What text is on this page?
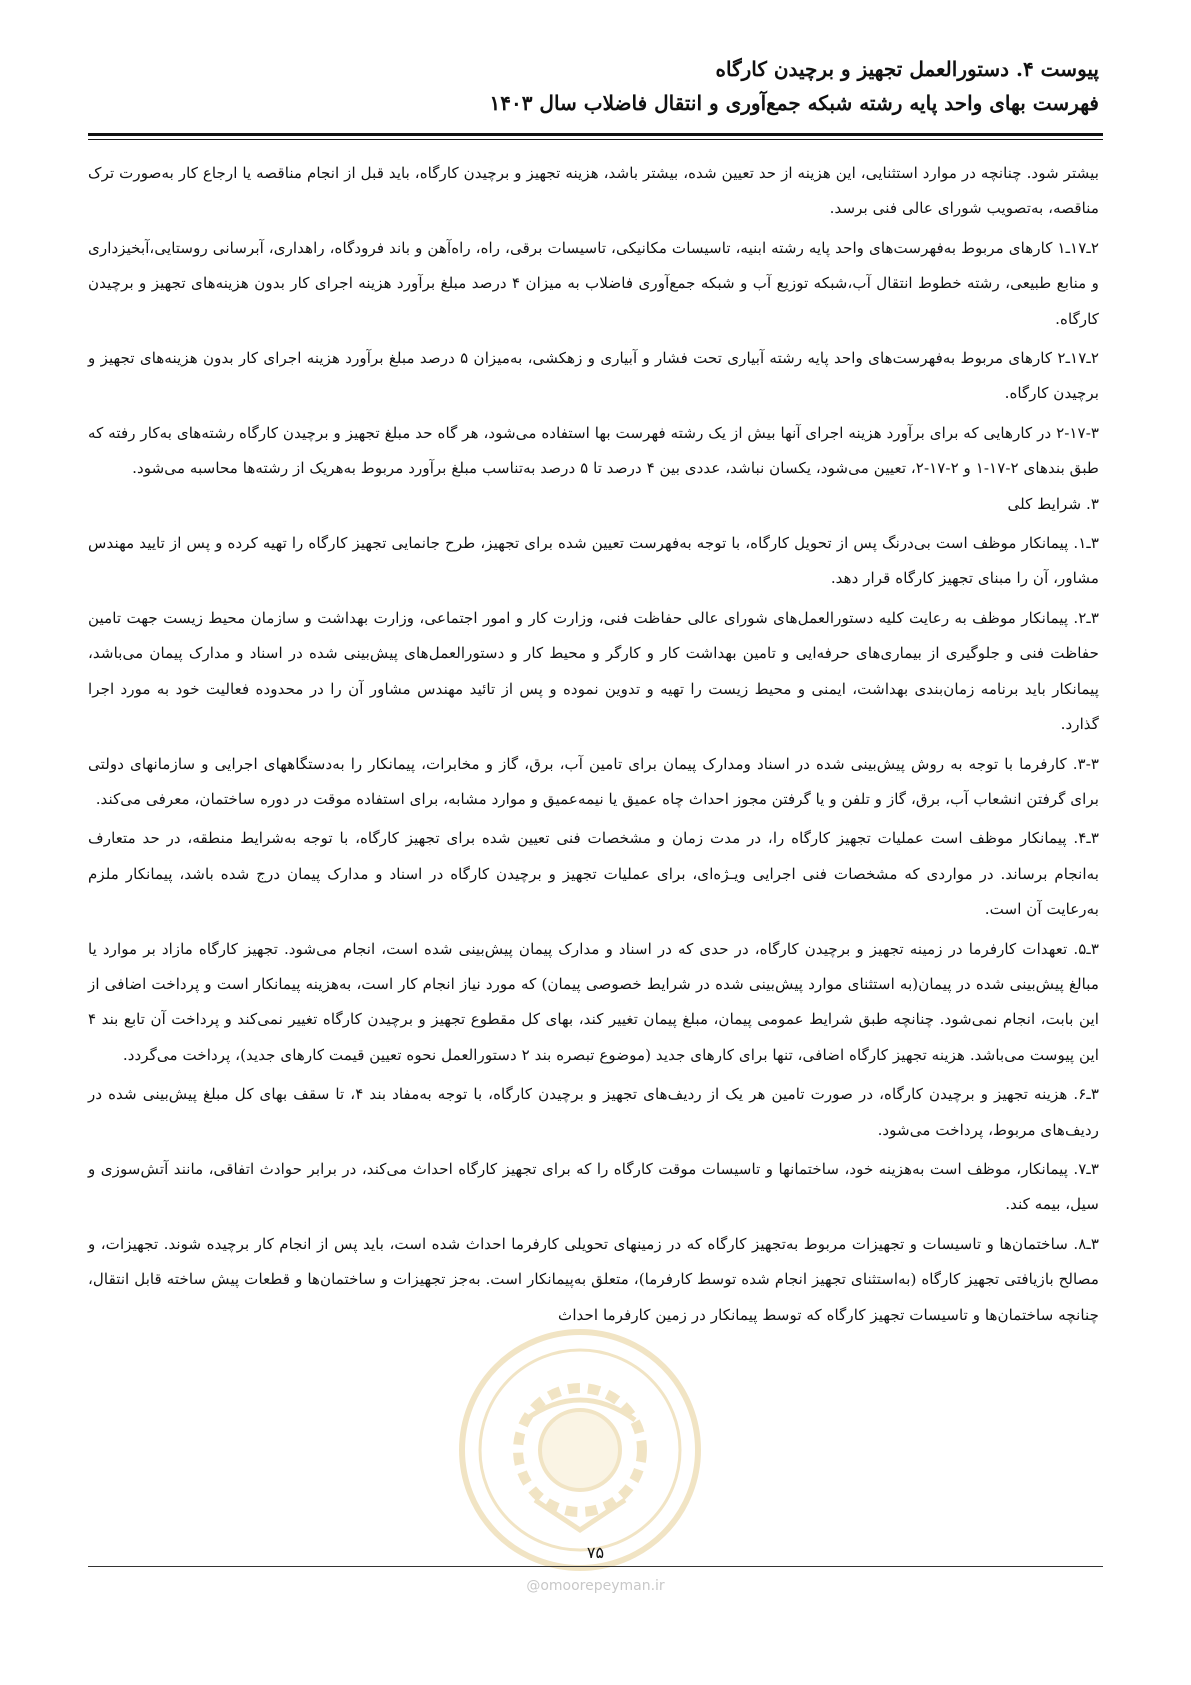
پیوست ۴. دستورالعمل تجهیز و برچیدن کارگاه

فهرست بهای واحد پایه رشته شبکه جمع‌آوری و انتقال فاضلاب سال ۱۴۰۳

بیشتر شود. چنانچه در موارد استثنایی، این هزینه از حد تعیین شده، بیشتر باشد، هزینه تجهیز و برچیدن کارگاه، باید قبل از انجام مناقصه یا ارجاع کار به‌صورت ترک مناقصه، به‌تصویب شورای عالی فنی برسد.

۲ـ۱۷ـ۱ کارهای مربوط به‌فهرست‌های واحد پایه رشته ابنیه، تاسیسات مکانیکی، تاسیسات برقی، راه، راه‌آهن و باند فرودگاه، راهداری، آبرسانی روستایی،آبخیزداری و منابع طبیعی، رشته خطوط انتقال آب،شبکه توزیع آب و شبکه جمع‌آوری فاضلاب به میزان ۴ درصد مبلغ برآورد هزینه اجرای کار بدون هزینه‌های تجهیز و برچیدن کارگاه.

۲ـ۱۷ـ۲ کارهای مربوط به‌فهرست‌های واحد پایه رشته آبیاری تحت فشار و آبیاری و زهکشی، به‌میزان ۵ درصد مبلغ برآورد هزینه اجرای کار بدون هزینه‌های تجهیز و برچیدن کارگاه.

۲-۱۷-۳ در کارهایی که برای برآورد هزینه اجرای آنها بیش از یک رشته فهرست بها استفاده می‌شود، هر گاه حد مبلغ تجهیز و برچیدن کارگاه رشته‌های به‌کار رفته که طبق بندهای ۲-۱۷-۱ و ۲-۱۷-۲، تعیین می‌شود، یکسان نباشد، عددی بین ۴ درصد تا ۵ درصد به‌تناسب مبلغ برآورد مربوط به‌هریک از رشته‌ها محاسبه می‌شود.

۳. شرایط کلی

۳ـ۱. پیمانکار موظف است بی‌درنگ پس از تحویل کارگاه، با توجه به‌فهرست تعیین شده برای تجهیز، طرح جانمایی تجهیز کارگاه را تهیه کرده و پس از تایید مهندس مشاور، آن را مبنای تجهیز کارگاه قرار دهد.

۳ـ۲. پیمانکار موظف به رعایت کلیه دستورالعمل‌های شورای عالی حفاظت فنی، وزارت کار و امور اجتماعی، وزارت بهداشت و سازمان محیط زیست جهت تامین حفاظت فنی و جلوگیری از بیماری‌های حرفه‌ایی و تامین بهداشت کار و کارگر و محیط کار و دستورالعمل‌های پیش‌بینی شده در اسناد و مدارک پیمان می‌باشد، پیمانکار باید برنامه زمان‌بندی بهداشت، ایمنی و محیط زیست را تهیه و تدوین نموده و پس از تائید مهندس مشاور آن را در محدوده فعالیت خود به مورد اجرا گذارد.

۳-۳. کارفرما با توجه به روش پیش‌بینی شده در اسناد ومدارک پیمان برای تامین آب، برق، گاز و مخابرات، پیمانکار را به‌دستگاههای اجرایی و سازمانهای دولتی برای گرفتن انشعاب آب، برق، گاز و تلفن و یا گرفتن مجوز احداث چاه عمیق یا نیمه‌عمیق و موارد مشابه، برای استفاده موقت در دوره ساختمان، معرفی می‌کند.

۳ـ۴. پیمانکار موظف است عملیات تجهیز کارگاه را، در مدت زمان و مشخصات فنی تعیین شده برای تجهیز کارگاه، با توجه به‌شرایط منطقه، در حد متعارف به‌انجام برساند. در مواردی که مشخصات فنی اجرایی ویـژه‌ای، برای عملیات تجهیز و برچیدن کارگاه در اسناد و مدارک پیمان درج شده باشد، پیمانکار ملزم به‌رعایت آن است.

۳ـ۵. تعهدات کارفرما در زمینه تجهیز و برچیدن کارگاه، در حدی که در اسناد و مدارک پیمان پیش‌بینی شده است، انجام می‌شود. تجهیز کارگاه مازاد بر موارد یا مبالغ پیش‌بینی شده در پیمان(به استثنای موارد پیش‌بینی شده در شرایط خصوصی پیمان) که مورد نیاز انجام کار است، به‌هزینه پیمانکار است و پرداخت اضافی از این بابت، انجام نمی‌شود. چنانچه طبق شرایط عمومی پیمان، مبلغ پیمان تغییر کند، بهای کل مقطوع تجهیز و برچیدن کارگاه تغییر نمی‌کند و پرداخت آن تابع بند ۴ این پیوست می‌باشد. هزینه تجهیز کارگاه اضافی، تنها برای کارهای جدید (موضوع تبصره بند ۲ دستورالعمل نحوه تعیین قیمت کارهای جدید)، پرداخت می‌گردد.

۳ـ۶. هزینه تجهیز و برچیدن کارگاه، در صورت تامین هر یک از ردیف‌های تجهیز و برچیدن کارگاه، با توجه به‌مفاد بند ۴، تا سقف بهای کل مبلغ پیش‌بینی شده در ردیف‌های مربوط، پرداخت می‌شود.

۳ـ۷. پیمانکار، موظف است به‌هزینه خود، ساختمانها و تاسیسات موقت کارگاه را که برای تجهیز کارگاه احداث می‌کند، در برابر حوادث اتفاقی، مانند آتش‌سوزی و سیل، بیمه کند.

۳ـ۸. ساختمان‌ها و تاسیسات و تجهیزات مربوط به‌تجهیز کارگاه که در زمینهای تحویلی کارفرما احداث شده است، باید پس از انجام کار برچیده شوند. تجهیزات، و مصالح بازیافتی تجهیز کارگاه (به‌استثنای تجهیز انجام شده توسط کارفرما)، متعلق به‌پیمانکار است. به‌جز تجهیزات و ساختمان‌ها و قطعات پیش ساخته قابل انتقال، چنانچه ساختمان‌ها و تاسیسات تجهیز کارگاه که توسط پیمانکار در زمین کارفرما احداث

۷۵
@omoorepeyman.ir
